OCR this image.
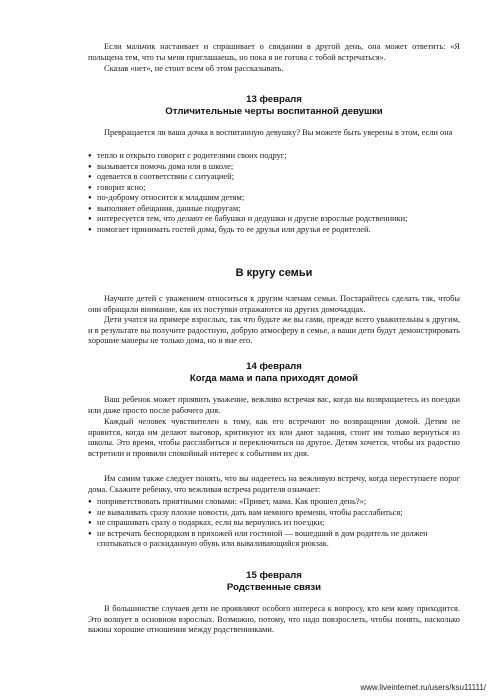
Если мальчик настаивает и спрашивает о свидании в другой день, она может ответить: «Я польщена тем, что ты меня приглашаешь, но пока я не готова с тобой встречаться».

Сказав «нет», не стоит всем об этом рассказывать.

13 февраля
Отличительные черты воспитанной девушки

Превращается ли ваша дочка в воспитанную девушку? Вы можете быть уверены в этом, если она

● тепло и открыто говорит с родителями своих подруг;
● вызывается помочь дома или в школе;
● одевается в соответствии с ситуацией;
● говорит ясно;
● по-доброму относится к младшим детям;
● выполняет обещания, данные подругам;
● интересуется тем, что делают ее бабушки и дедушки и другие взрослые родственники;
● помогает принимать гостей дома, будь то ее друзья или друзья ее родителей.
В кругу семьи

Научите детей с уважением относиться к другим членам семьи. Постарайтесь сделать так, чтобы они обращали внимание, как их поступки отражаются на других домочадцах.

Дети учатся на примере взрослых, так что будьте же вы сами, прежде всего уважительны к другим, и в результате вы получите радостную, добрую атмосферу в семье, а ваши дети будут демонстрировать хорошие манеры не только дома, но и вне его.

14 февраля
Когда мама и папа приходят домой

Ваш ребенок может проявить уважение, вежливо встречая вас, когда вы возвращаетесь из поездки или даже просто после рабочего дня.

Каждый человек чувствителен к тому, как его встречают по возвращении домой. Детям не нравится, когда им делают выговор, критикуют их или дают задания, стоит им только вернуться из школы. Это время, чтобы расслабиться и переключиться на другое. Детям хочется, чтобы их радостно встретили и проявили спокойный интерес к событиям их дня.

Им самим также следует понять, что вы надеетесь на вежливую встречу, когда переступаете порог дома. Скажите ребенку, что вежливая встреча родителя означает:

● поприветствовать приятными словами: «Привет, мама. Как прошел день?»;
● не вываливать сразу плохие новости, дать вам немного времени, чтобы расслабиться;
● не спрашивать сразу о подарках, если вы вернулись из поездки;
● не встречать беспорядком в прихожей или гостиной — вошедший в дом родитель не должен спотыкаться о раскиданную обувь или вываливающийся рюкзак.
15 февраля
Родственные связи

В большинстве случаев дети не проявляют особого интереса к вопросу, кто кем кому приходится. Это волнует в основном взрослых. Возможно, потому, что надо повзрослеть, чтобы понять, насколько важны хорошие отношения между родственниками.

www.liveinternet.ru/users/ksu11111/
